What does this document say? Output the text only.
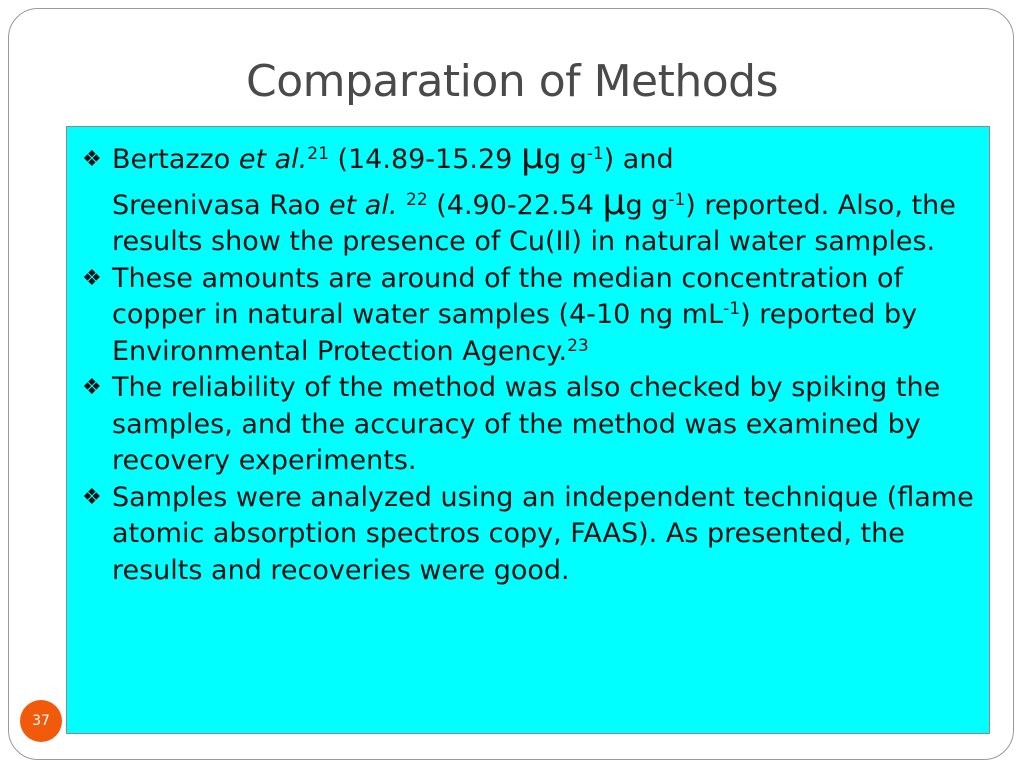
Comparation of Methods
❖ Bertazzo et al.$^{21}$ (14.89-15.29 μg $g^{-1}$) and
Sreenivasa Rao et al. $^{22}$ (4.90-22.54 μg $g^{-1}$) reported. Also, the results show the presence of Cu(II) in natural water samples.
❖ These amounts are around of the median concentration of copper in natural water samples (4-10 ng $mL^{-1}$) reported by Environmental Protection Agency.$^{23}$
❖ The reliability of the method was also checked by spiking the samples, and the accuracy of the method was examined by recovery experiments.
❖ Samples were analyzed using an independent technique (flame atomic absorption spectros copy, FAAS). As presented, the results and recoveries were good.
37
